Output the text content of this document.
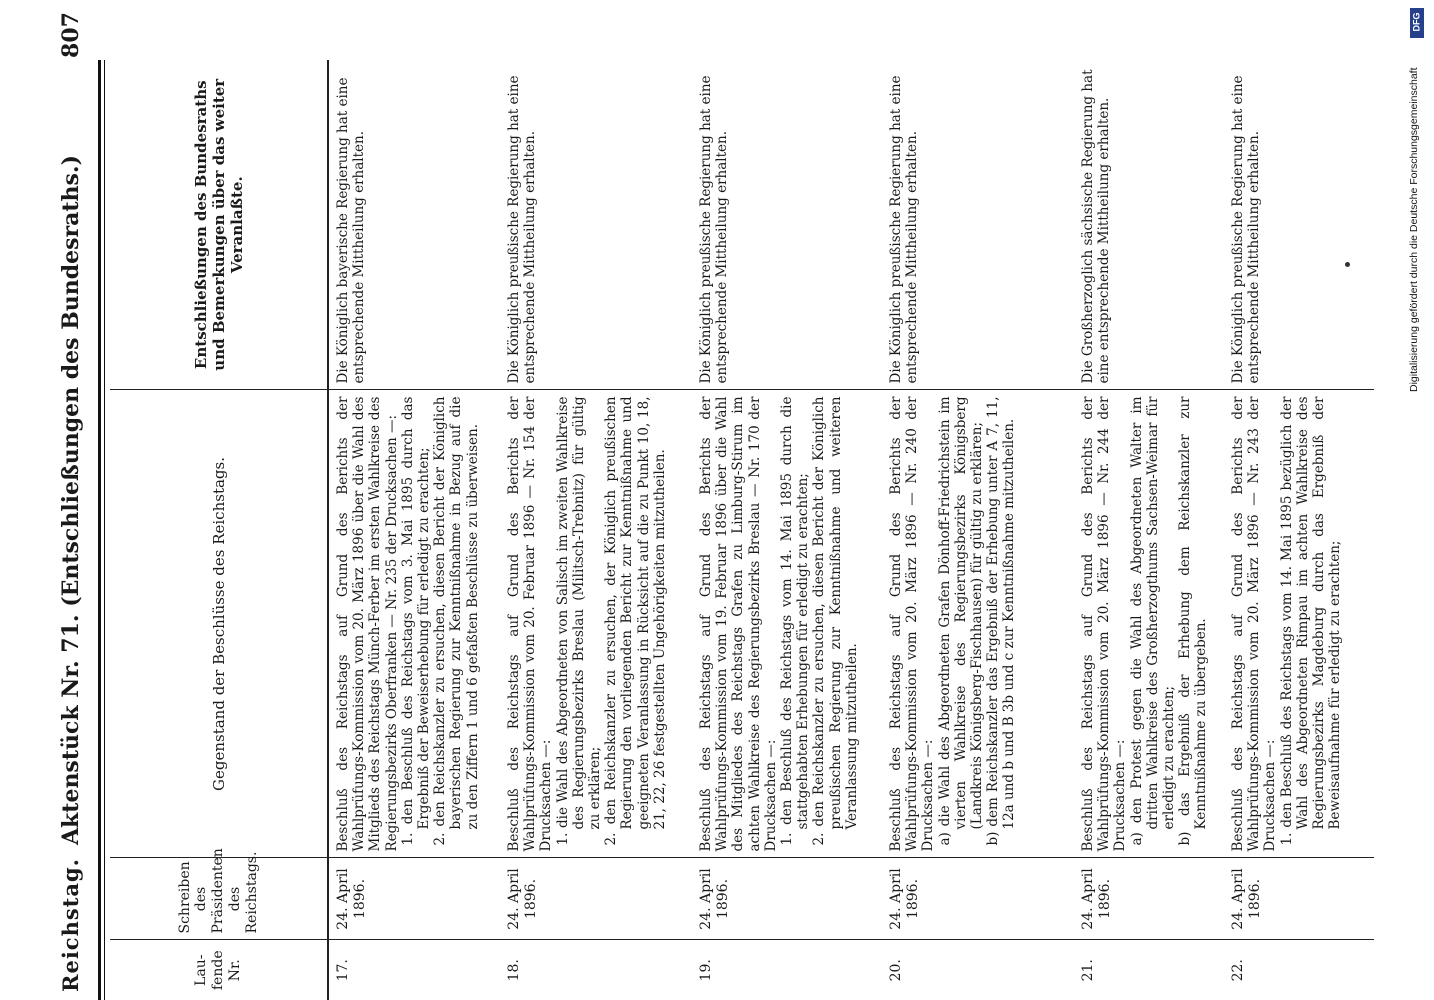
Reichstag.
Aktenstück Nr. 71. (Entschließungen des Bundesraths.)
807
Lau-fende Nr.	Schreiben des Präsidenten des Reichstags.	Gegenstand der Beschlüsse des Reichstags.	Entschließungen des Bundesraths und Bemerkungen über das weiter Veranlaßte.
17.	24. April 1896.	Beschluß des Reichstags auf Grund des Berichts der Wahlprüfungs-Kommission vom 20. März 1896 über die Wahl des Mitglieds des Reichstags Münch-Ferber im ersten Wahlkreise des Regierungsbezirks Oberfranken — Nr. 235 der Drucksachen —: 1. den Beschluß des Reichstags vom 3. Mai 1895 durch das Ergebniß der Beweiserhebung für erledigt zu erachten; 2. den Reichskanzler zu ersuchen, diesen Bericht der Königlich bayerischen Regierung zur Kenntnißnahme in Bezug auf die zu den Ziffern 1 und 6 gefaßten Beschlüsse zu überweisen.	Die Königlich bayerische Regierung hat eine entsprechende Mittheilung erhalten.
18.	24. April 1896.	Beschluß des Reichstags auf Grund des Berichts der Wahlprüfungs-Kommission vom 20. Februar 1896 — Nr. 154 der Drucksachen —: 1. die Wahl des Abgeordneten von Salisch im zweiten Wahlkreise des Regierungsbezirks Breslau (Militsch-Trebnitz) für gültig zu erklären; 2. den Reichskanzler zu ersuchen, der Königlich preußischen Regierung den vorliegenden Bericht zur Kenntnißnahme und geeigneten Veranlassung in Rücksicht auf die zu Punkt 10, 18, 21, 22, 26 festgestellten Ungehörigkeiten mitzutheilen.	Die Königlich preußische Regierung hat eine entsprechende Mittheilung erhalten.
19.	24. April 1896.	Beschluß des Reichstags auf Grund des Berichts der Wahlprüfungs-Kommission vom 19. Februar 1896 über die Wahl des Mitgliedes des Reichstags Grafen zu Limburg-Stirum im achten Wahlkreise des Regierungsbezirks Breslau — Nr. 170 der Drucksachen —: 1. den Beschluß des Reichstags vom 14. Mai 1895 durch die stattgehabten Erhebungen für erledigt zu erachten; 2. den Reichskanzler zu ersuchen, diesen Bericht der Königlich preußischen Regierung zur Kenntnißnahme und weiteren Veranlassung mitzutheilen.	Die Königlich preußische Regierung hat eine entsprechende Mittheilung erhalten.
20.	24. April 1896.	Beschluß des Reichstags auf Grund des Berichts der Wahlprüfungs-Kommission vom 20. März 1896 — Nr. 240 der Drucksachen —: a) die Wahl des Abgeordneten Grafen Dönhoff-Friedrichstein im vierten Wahlkreise des Regierungsbezirks Königsberg (Landkreis Königsberg-Fischhausen) für gültig zu erklären; b) dem Reichskanzler das Ergebniß der Erhebung unter A 7, 11, 12a und b und B 3b und c zur Kenntnißnahme mitzutheilen.	Die Königlich preußische Regierung hat eine entsprechende Mittheilung erhalten.
21.	24. April 1896.	Beschluß des Reichstags auf Grund des Berichts der Wahlprüfungs-Kommission vom 20. März 1896 — Nr. 244 der Drucksachen —: a) den Protest gegen die Wahl des Abgeordneten Walter im dritten Wahlkreise des Großherzogthums Sachsen-Weimar für erledigt zu erachten; b) das Ergebniß der Erhebung dem Reichskanzler zur Kenntnißnahme zu übergeben.	Die Großherzoglich sächsische Regierung hat eine entsprechende Mittheilung erhalten.
22.	24. April 1896.	Beschluß des Reichstags auf Grund des Berichts der Wahlprüfungs-Kommission vom 20. März 1896 — Nr. 243 der Drucksachen —: 1. den Beschluß des Reichstags vom 14. Mai 1895 bezüglich der Wahl des Abgeordneten Rimpau im achten Wahlkreise des Regierungsbezirks Magdeburg durch das Ergebniß der Beweisaufnahme für erledigt zu erachten;	Die Königlich preußische Regierung hat eine entsprechende Mittheilung erhalten.
DFG
Digitalisierung gefördert durch die Deutsche Forschungsgemeinschaft
